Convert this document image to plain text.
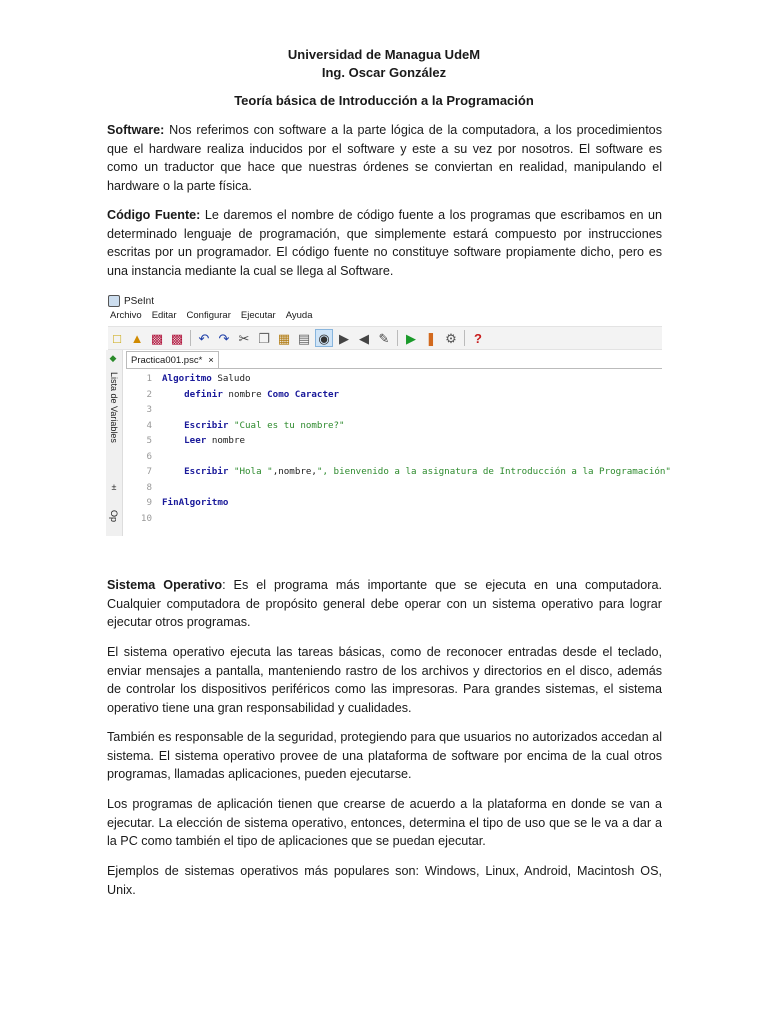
Universidad de Managua UdeM
Ing. Oscar González
Teoría básica de Introducción a la Programación
Software: Nos referimos con software a la parte lógica de la computadora, a los procedimientos que el hardware realiza inducidos por el software y este a su vez por nosotros. El software es como un traductor que hace que nuestras órdenes se conviertan en realidad, manipulando el hardware o la parte física.
Código Fuente: Le daremos el nombre de código fuente a los programas que escribamos en un determinado lenguaje de programación, que simplemente estará compuesto por instrucciones escritas por un programador. El código fuente no constituye software propiamente dicho, pero es una instancia mediante la cual se llega al Software.
PSeInt
Archivo Editar Configurar Ejecutar Ayuda
□ ▲ ▩ ▩ ↶ ↷ ✂ ❐ ▦ ▤ ◉ ▶ ◀ ✎	▶ ❚ ⚙	?
◆
Lista de Variables
±
Op
Practica001.psc* ×
1
2
3
4
5
6
7
8
9
10
Algoritmo Saludo
definir nombre Como Caracter

Escribir "Cual es tu nombre?"
Leer nombre

Escribir "Hola ",nombre,", bienvenido a la asignatura de Introducción a la Programación"

FinAlgoritmo

Sistema Operativo: Es el programa más importante que se ejecuta en una computadora. Cualquier computadora de propósito general debe operar con un sistema operativo para lograr ejecutar otros programas.
El sistema operativo ejecuta las tareas básicas, como de reconocer entradas desde el teclado, enviar mensajes a pantalla, manteniendo rastro de los archivos y directorios en el disco, además de controlar los dispositivos periféricos como las impresoras. Para grandes sistemas, el sistema operativo tiene una gran responsabilidad y cualidades.
También es responsable de la seguridad, protegiendo para que usuarios no autorizados accedan al sistema. El sistema operativo provee de una plataforma de software por encima de la cual otros programas, llamadas aplicaciones, pueden ejecutarse.
Los programas de aplicación tienen que crearse de acuerdo a la plataforma en donde se van a ejecutar. La elección de sistema operativo, entonces, determina el tipo de uso que se le va a dar a la PC como también el tipo de aplicaciones que se puedan ejecutar.
Ejemplos de sistemas operativos más populares son: Windows, Linux, Android, Macintosh OS, Unix.
